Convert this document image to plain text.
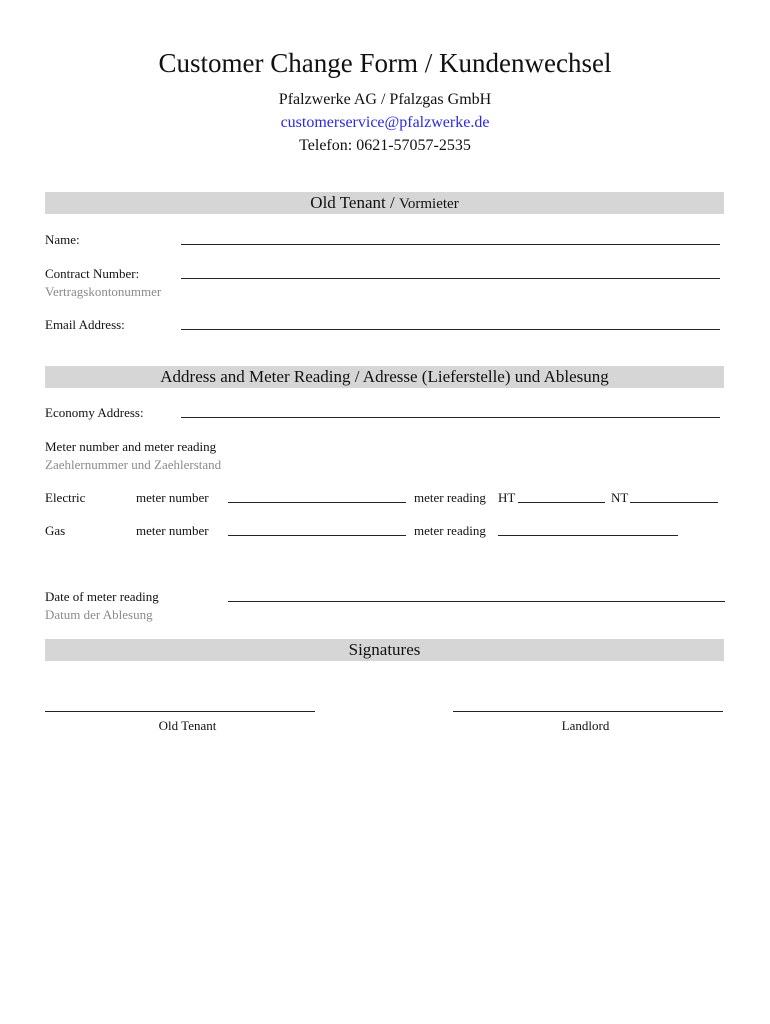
Customer Change Form / Kundenwechsel
Pfalzwerke AG / Pfalzgas GmbH
customerservice@pfalzwerke.de
Telefon: 0621-57057-2535
Old Tenant / Vormieter
Name:
Contract Number:
Vertragskontonummer
Email Address:
Address and Meter Reading / Adresse (Lieferstelle) und Ablesung
Economy Address:
Meter number and meter reading
Zaehlernummer und Zaehlerstand
Electric	meter number	meter reading HT	NT
Gas	meter number	meter reading
Date of meter reading
Datum der Ablesung
Signatures
Old Tenant	Landlord
